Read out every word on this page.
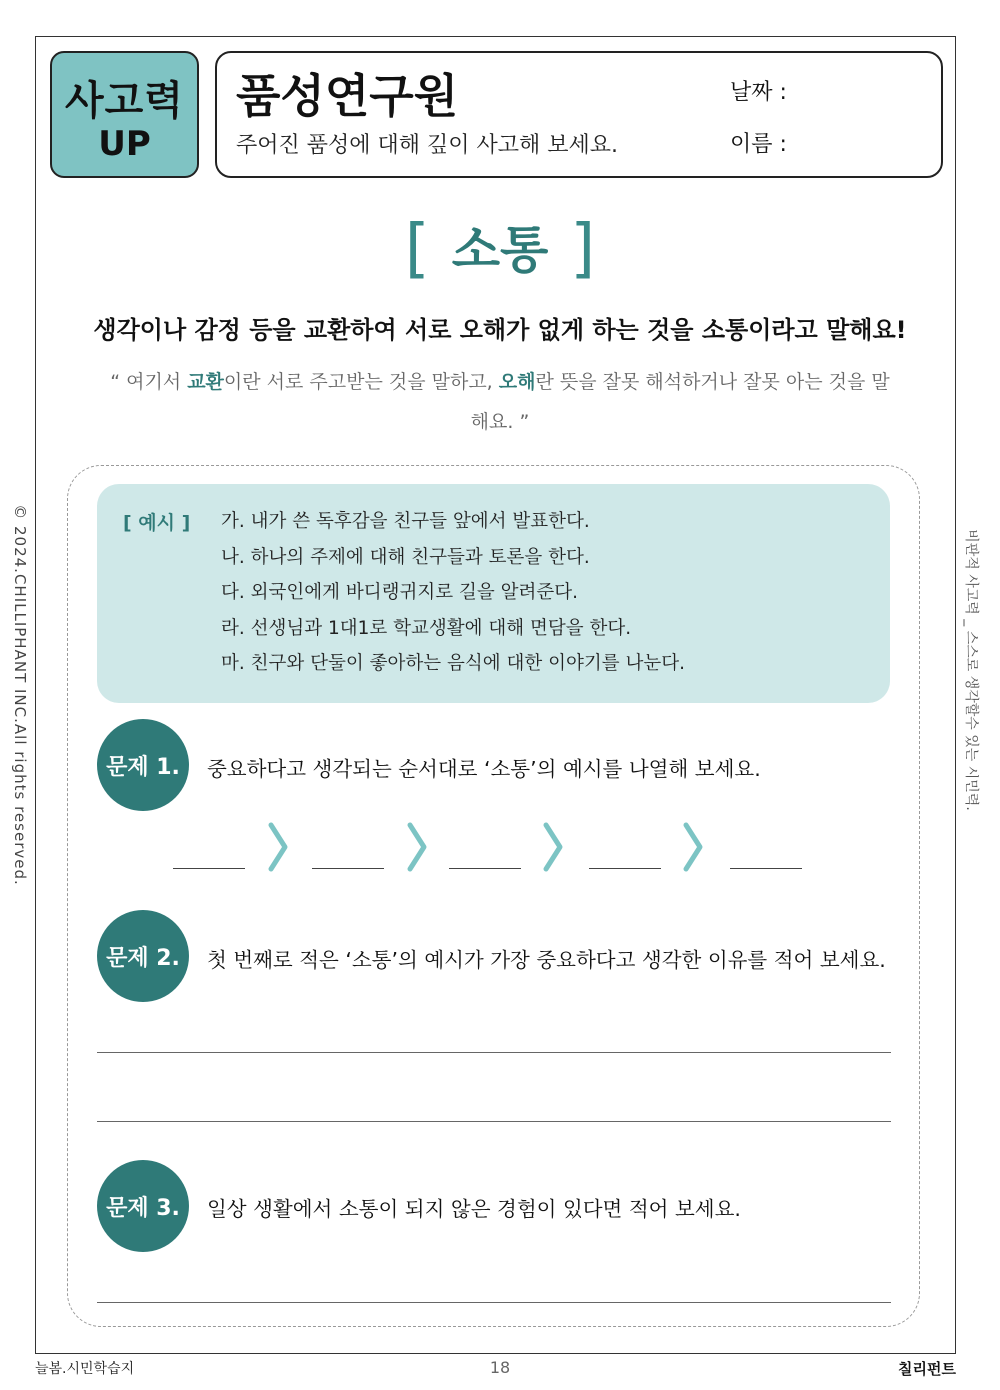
사고력
UP
품성연구원
주어진 품성에 대해 깊이 사고해 보세요.
날짜 :
이름 :
[ 소통 ]
생각이나 감정 등을 교환하여 서로 오해가 없게 하는 것을 소통이라고 말해요!
“ 여기서 교환이란 서로 주고받는 것을 말하고, 오해란 뜻을 잘못 해석하거나 잘못 아는 것을 말해요. ”
[ 예시 ] 가. 내가 쓴 독후감을 친구들 앞에서 발표한다.
나. 하나의 주제에 대해 친구들과 토론을 한다.
다. 외국인에게 바디랭귀지로 길을 알려준다.
라. 선생님과 1대1로 학교생활에 대해 면담을 한다.
마. 친구와 단둘이 좋아하는 음식에 대한 이야기를 나눈다.
문제 1.	중요하다고 생각되는 순서대로 ‘소통’의 예시를 나열해 보세요.
문제 2.	첫 번째로 적은 ‘소통’의 예시가 가장 중요하다고 생각한 이유를 적어 보세요.
문제 3.	일상 생활에서 소통이 되지 않은 경험이 있다면 적어 보세요.
© 2024.CHILLIPHANT INC.All rights reserved.	비판적 사고력 _ 스스로 생각할수 있는 시민력.
늘봄.시민학습지	18	칠리펀트
